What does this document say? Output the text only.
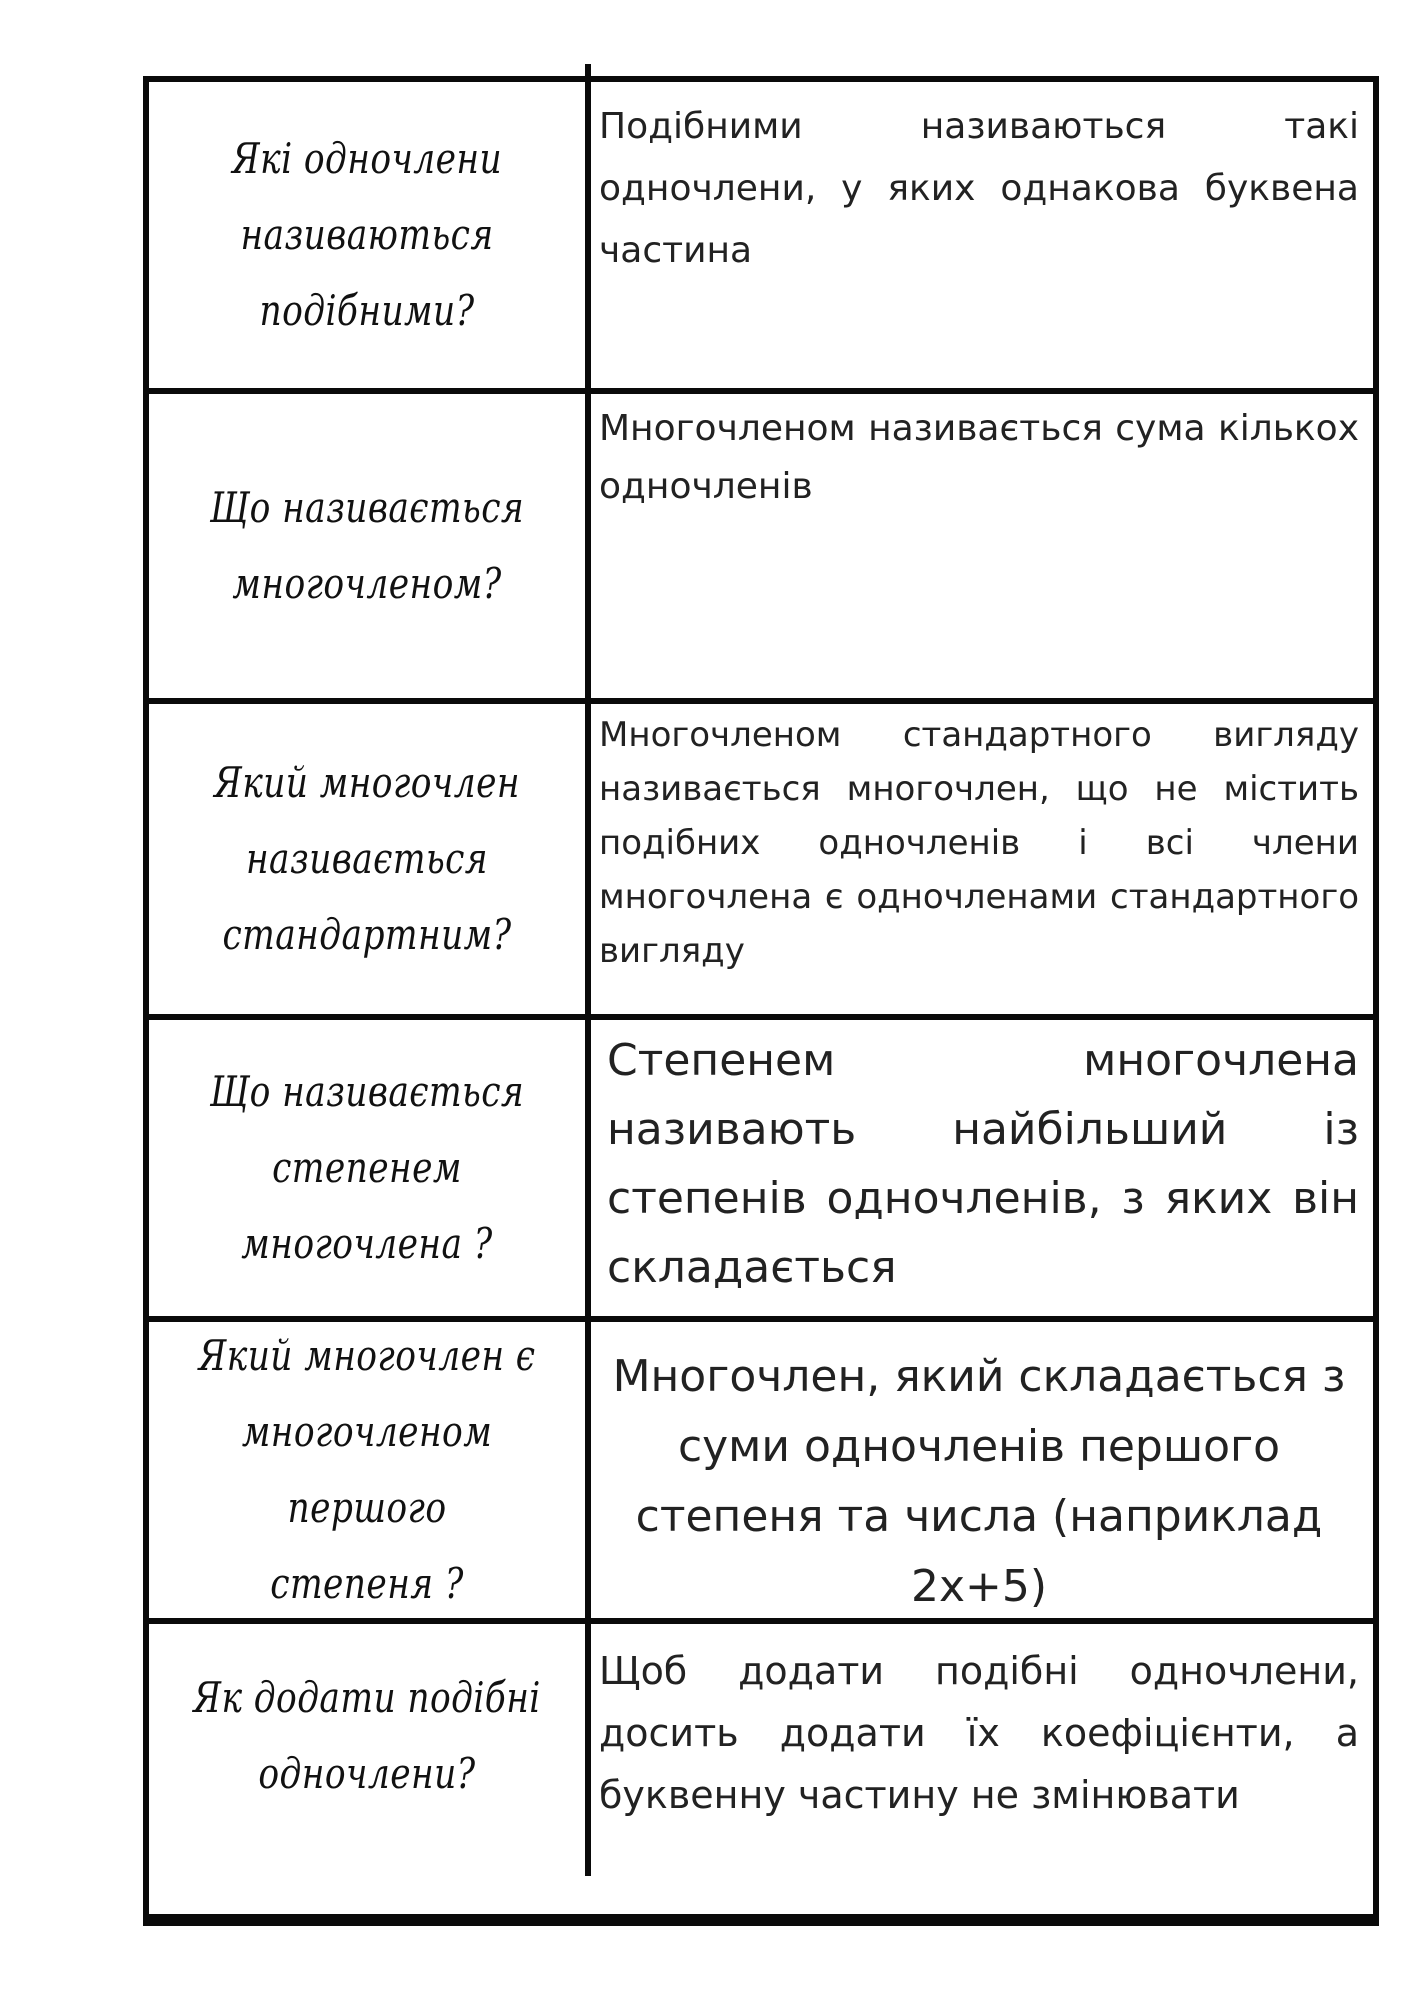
Які одночлени
називаються
подібними?
Подібними називаються такі одночлени, у яких однакова буквена частина
Що називається
многочленом?
Многочленом називається сума кількох одночленів
Який многочлен
називається
стандартним?
Многочленом стандартного вигляду називається многочлен, що не містить подібних одночленів і всі члени многочлена є одночленами стандартного вигляду
Що називається
степенем
многочлена ?
Степенем многочлена називають найбільший із степенів одночленів, з яких він складається
Який многочлен є
многочленом першого
степеня ?
Многочлен, який складається з суми одночленів першого степеня та числа (наприклад 2x+5)
Як додати подібні
одночлени?
Щоб додати подібні одночлени, досить додати їх коефіцієнти, а буквенну частину не змінювати
